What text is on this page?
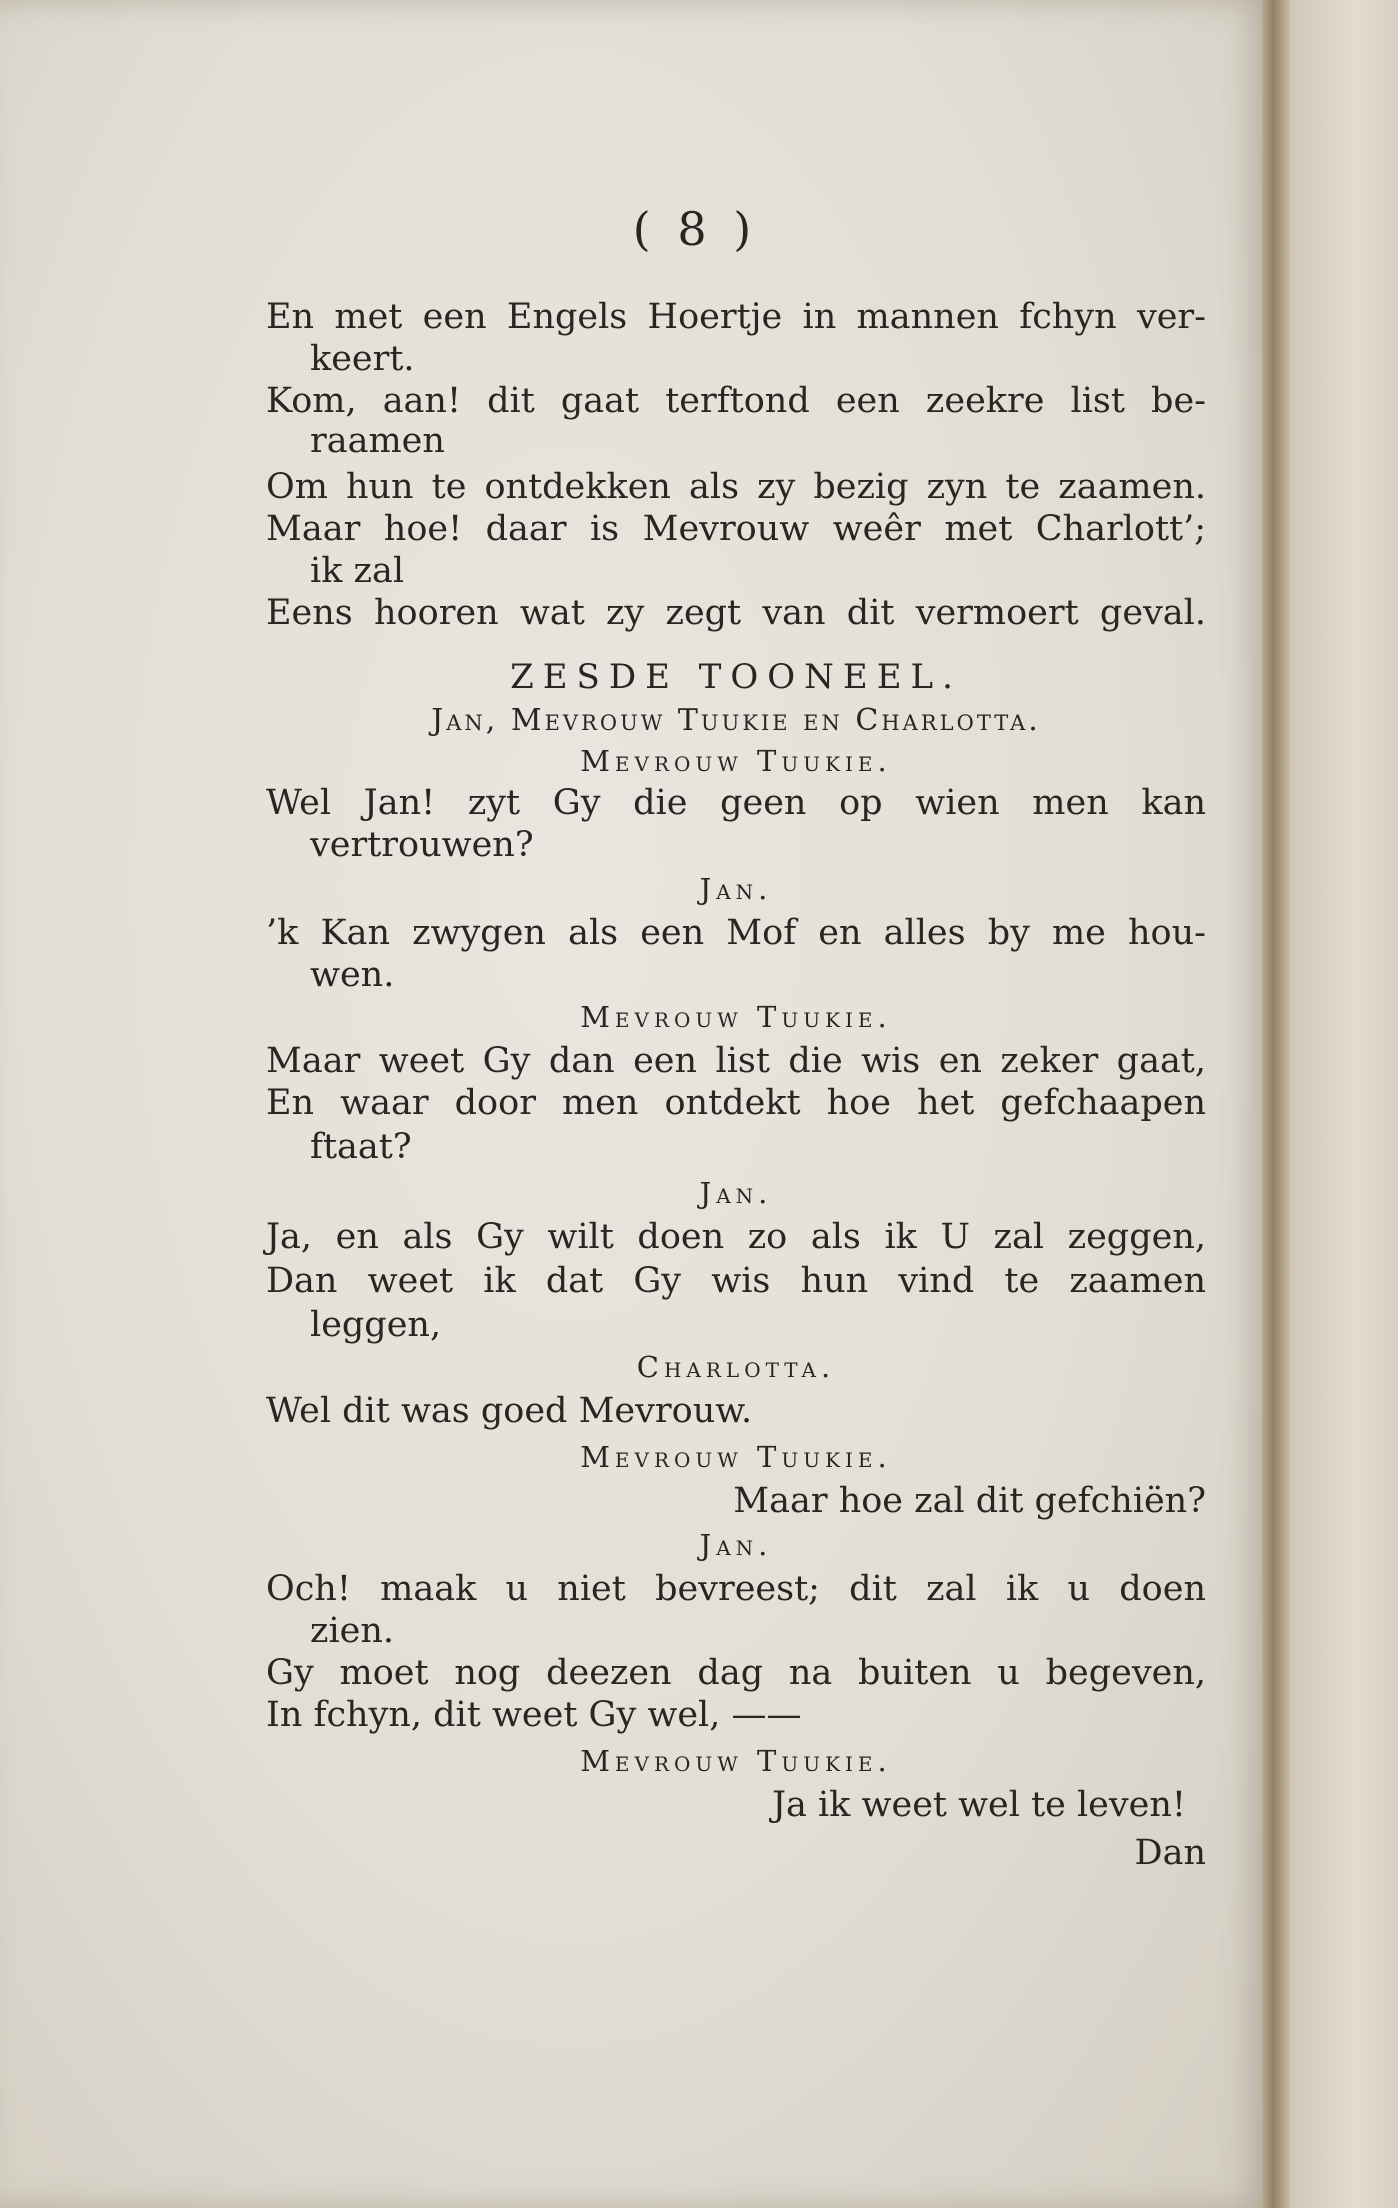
( 8 )
En met een Engels Hoertje in mannen fchyn ver-
keert.
Kom, aan! dit gaat terftond een zeekre list be-
raamen
Om hun te ontdekken als zy bezig zyn te zaamen.
Maar hoe! daar is Mevrouw weêr met Charlott’;
ik zal
Eens hooren wat zy zegt van dit vermoert geval.
ZESDE TOONEEL.
Jan, Mevrouw Tuukie en Charlotta.
Mevrouw Tuukie.
Wel Jan! zyt Gy die geen op wien men kan
vertrouwen?
Jan.
’k Kan zwygen als een Mof en alles by me hou-
wen.
Mevrouw Tuukie.
Maar weet Gy dan een list die wis en zeker gaat,
En waar door men ontdekt hoe het gefchaapen
ftaat?
Jan.
Ja, en als Gy wilt doen zo als ik U zal zeggen,
Dan weet ik dat Gy wis hun vind te zaamen
leggen,
Charlotta.
Wel dit was goed Mevrouw.
Mevrouw Tuukie.
Maar hoe zal dit gefchiën?
Jan.
Och! maak u niet bevreest; dit zal ik u doen
zien.
Gy moet nog deezen dag na buiten u begeven,
In fchyn, dit weet Gy wel, ——
Mevrouw Tuukie.
Ja ik weet wel te leven!
Dan
